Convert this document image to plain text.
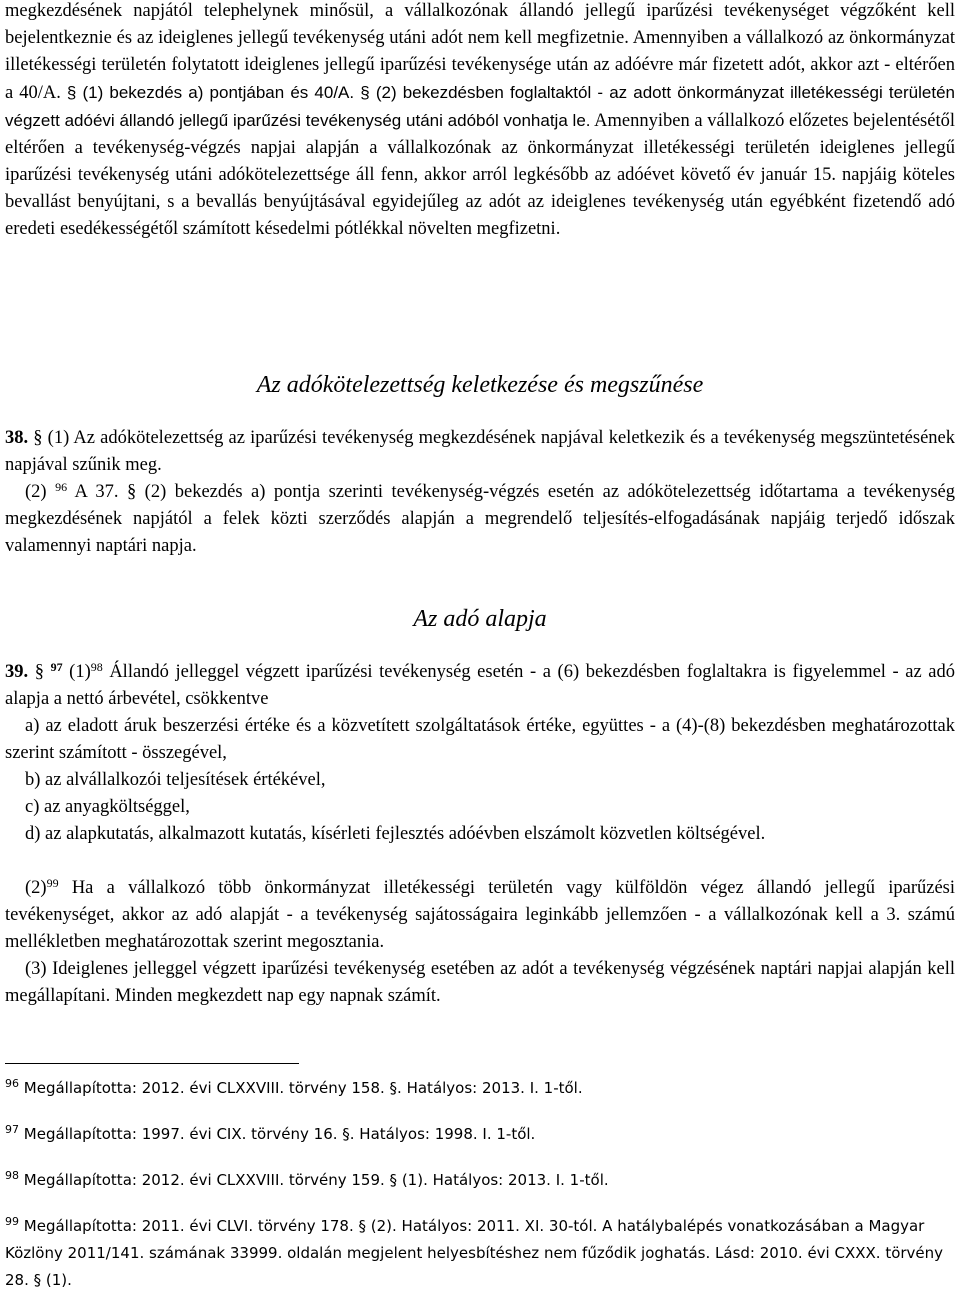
megkezdésének napjától telephelynek minősül, a vállalkozónak állandó jellegű iparűzési tevékenységet végzőként kell bejelentkeznie és az ideiglenes jellegű tevékenység utáni adót nem kell megfizetnie. Amennyiben a vállalkozó az önkormányzat illetékességi területén folytatott ideiglenes jellegű iparűzési tevékenysége után az adóévre már fizetett adót, akkor azt - eltérően a 40/A. § (1) bekezdés a) pontjában és 40/A. § (2) bekezdésben foglaltaktól - az adott önkormányzat illetékességi területén végzett adóévi állandó jellegű iparűzési tevékenység utáni adóból vonhatja le. Amennyiben a vállalkozó előzetes bejelentésétől eltérően a tevékenység-végzés napjai alapján a vállalkozónak az önkormányzat illetékességi területén ideiglenes jellegű iparűzési tevékenység utáni adókötelezettsége áll fenn, akkor arról legkésőbb az adóévet követő év január 15. napjáig köteles bevallást benyújtani, s a bevallás benyújtásával egyidejűleg az adót az ideiglenes tevékenység után egyébként fizetendő adó eredeti esedékességétől számított késedelmi pótlékkal növelten megfizetni.

Az adókötelezettség keletkezése és megszűnése

38. § (1) Az adókötelezettség az iparűzési tevékenység megkezdésének napjával keletkezik és a tevékenység megszüntetésének napjával szűnik meg.

(2) $^{96}$ A 37. § (2) bekezdés a) pontja szerinti tevékenység-végzés esetén az adókötelezettség időtartama a tevékenység megkezdésének napjától a felek közti szerződés alapján a megrendelő teljesítés-elfogadásának napjáig terjedő időszak valamennyi naptári napja.

Az adó alapja

39. § $^{97}$ $(1)^{98}$ Állandó jelleggel végzett iparűzési tevékenység esetén - a (6) bekezdésben foglaltakra is figyelemmel - az adó alapja a nettó árbevétel, csökkentve

a) az eladott áruk beszerzési értéke és a közvetített szolgáltatások értéke, együttes - a (4)-(8) bekezdésben meghatározottak szerint számított - összegével,

b) az alvállalkozói teljesítések értékével,

c) az anyagköltséggel,

d) az alapkutatás, alkalmazott kutatás, kísérleti fejlesztés adóévben elszámolt közvetlen költségével.

$(2)^{99}$ Ha a vállalkozó több önkormányzat illetékességi területén vagy külföldön végez állandó jellegű iparűzési tevékenységet, akkor az adó alapját - a tevékenység sajátosságaira leginkább jellemzően - a vállalkozónak kell a 3. számú mellékletben meghatározottak szerint megosztania.

(3) Ideiglenes jelleggel végzett iparűzési tevékenység esetében az adót a tevékenység végzésének naptári napjai alapján kell megállapítani. Minden megkezdett nap egy napnak számít.

$^{96}$ Megállapította: 2012. évi CLXXVIII. törvény 158. §. Hatályos: 2013. I. 1-től.

$^{97}$ Megállapította: 1997. évi CIX. törvény 16. §. Hatályos: 1998. I. 1-től.

$^{98}$ Megállapította: 2012. évi CLXXVIII. törvény 159. § (1). Hatályos: 2013. I. 1-től.

$^{99}$ Megállapította: 2011. évi CLVI. törvény 178. § (2). Hatályos: 2011. XI. 30-tól. A hatálybalépés vonatkozásában a Magyar Közlöny 2011/141. számának 33999. oldalán megjelent helyesbítéshez nem fűződik joghatás. Lásd: 2010. évi CXXX. törvény 28. § (1).
